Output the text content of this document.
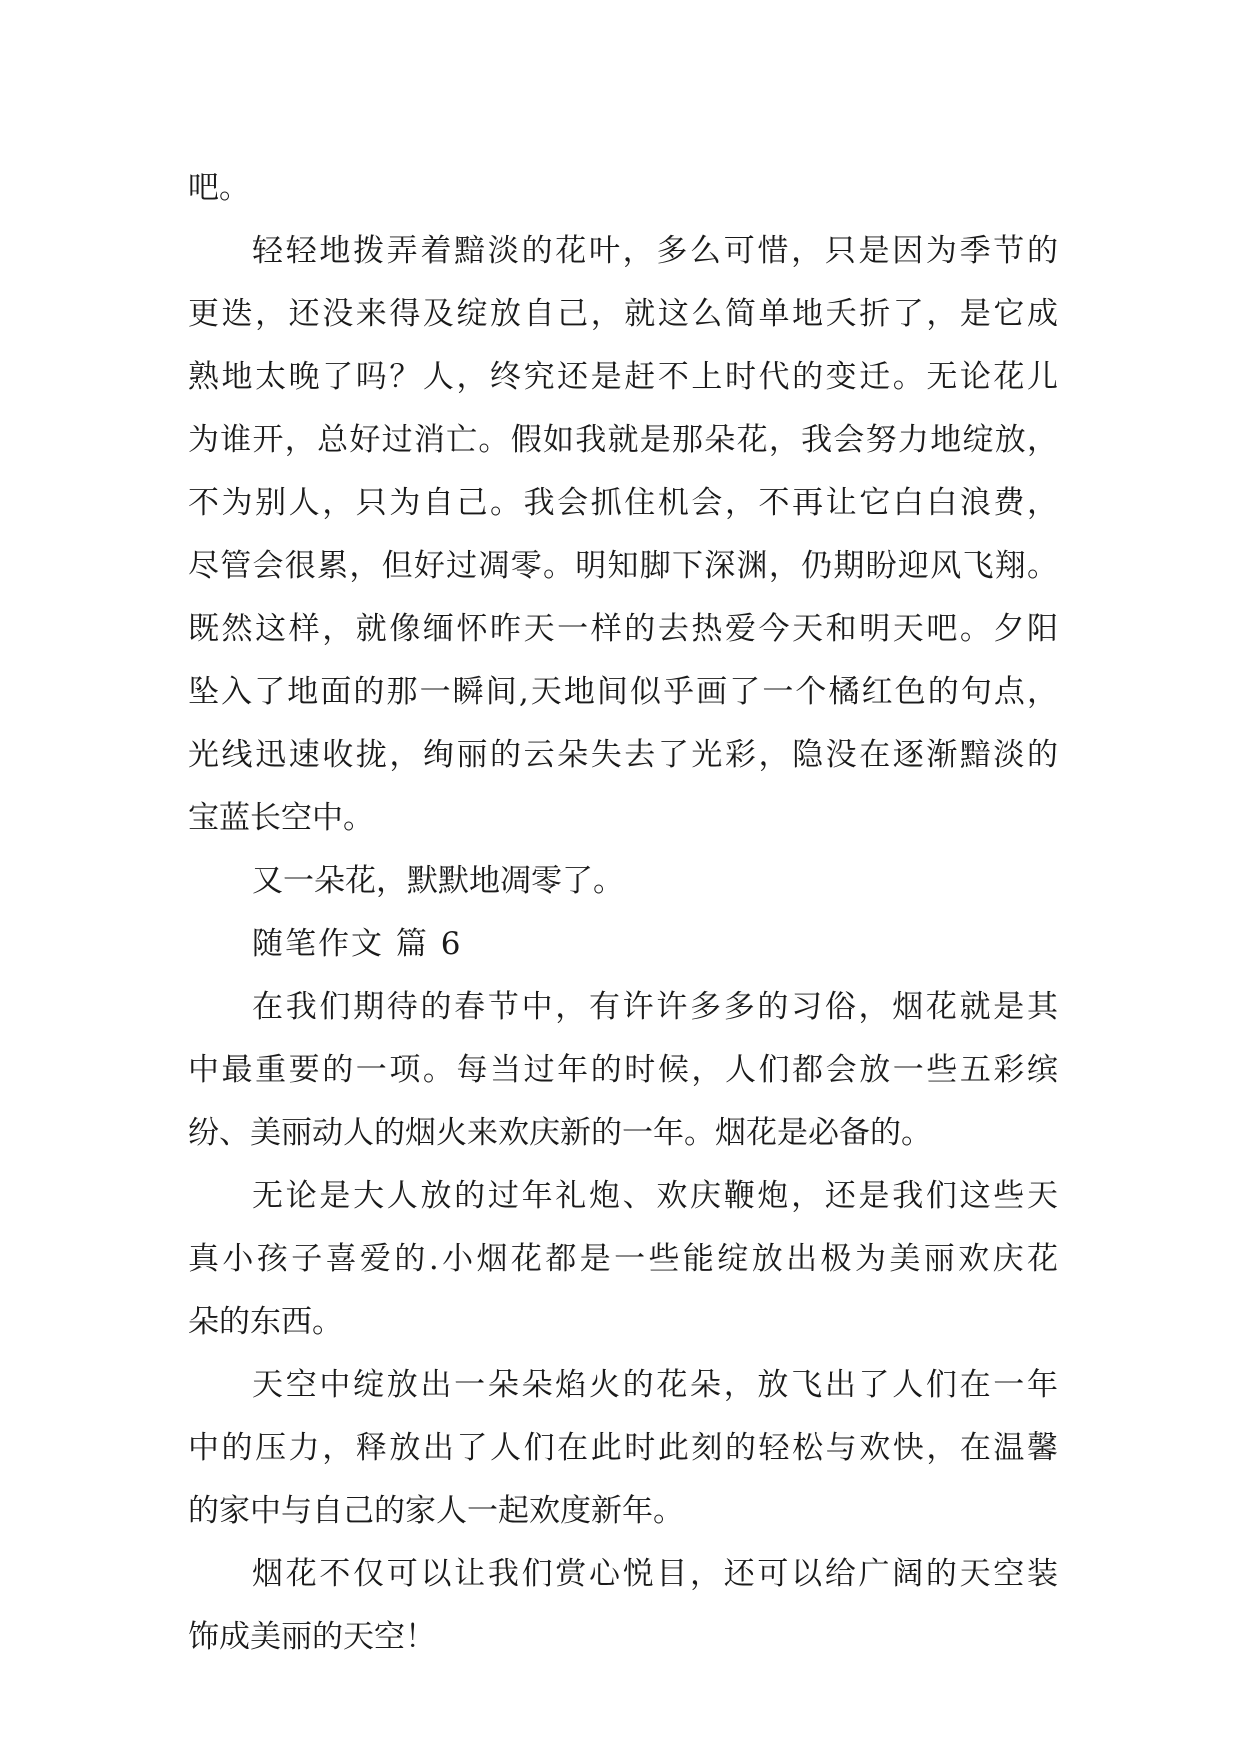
吧。
轻轻地拨弄着黯淡的花叶，多么可惜，只是因为季节的
更迭，还没来得及绽放自己，就这么简单地夭折了，是它成
熟地太晚了吗？人，终究还是赶不上时代的变迁。无论花儿
为谁开，总好过消亡。假如我就是那朵花，我会努力地绽放，
不为别人，只为自己。我会抓住机会，不再让它白白浪费，
尽管会很累，但好过凋零。明知脚下深渊，仍期盼迎风飞翔。
既然这样，就像缅怀昨天一样的去热爱今天和明天吧。夕阳
坠入了地面的那一瞬间,天地间似乎画了一个橘红色的句点，
光线迅速收拢，绚丽的云朵失去了光彩，隐没在逐渐黯淡的
宝蓝长空中。
又一朵花，默默地凋零了。
随笔作文 篇 6
在我们期待的春节中，有许许多多的习俗，烟花就是其
中最重要的一项。每当过年的时候，人们都会放一些五彩缤
纷、美丽动人的烟火来欢庆新的一年。烟花是必备的。
无论是大人放的过年礼炮、欢庆鞭炮，还是我们这些天
真小孩子喜爱的.小烟花都是一些能绽放出极为美丽欢庆花
朵的东西。
天空中绽放出一朵朵焰火的花朵，放飞出了人们在一年
中的压力，释放出了人们在此时此刻的轻松与欢快，在温馨
的家中与自己的家人一起欢度新年。
烟花不仅可以让我们赏心悦目，还可以给广阔的天空装
饰成美丽的天空！
